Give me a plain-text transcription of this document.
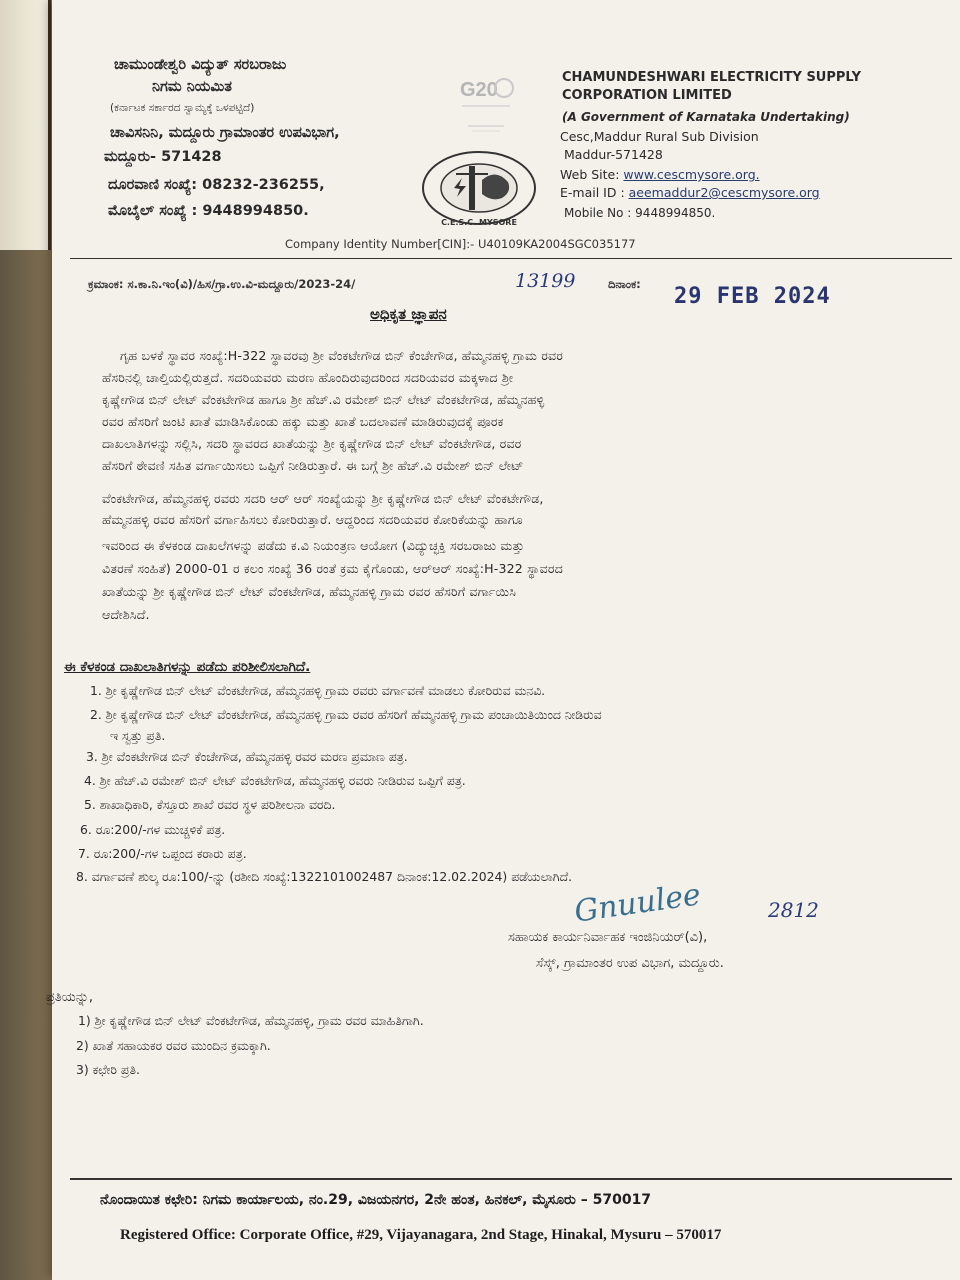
ಚಾಮುಂಡೇಶ್ವರಿ ವಿದ್ಯುತ್ ಸರಬರಾಜು
ನಿಗಮ ನಿಯಮಿತ
(ಕರ್ನಾಟಕ ಸರ್ಕಾರದ ಸ್ವಾಮ್ಯಕ್ಕೆ ಒಳಪಟ್ಟಿದೆ)
ಚಾವಿಸನಿನಿ, ಮದ್ದೂರು ಗ್ರಾಮಾಂತರ ಉಪವಿಭಾಗ,
ಮದ್ದೂರು- 571428
ದೂರವಾಣಿ ಸಂಖ್ಯೆ: 08232-236255,
ಮೊಬೈಲ್ ಸಂಖ್ಯೆ : 9448994850.
G20
C.E.S.C. MYSORE
CHAMUNDESHWARI ELECTRICITY SUPPLY
CORPORATION LIMITED
(A Government of Karnataka Undertaking)
Cesc,Maddur Rural Sub Division
Maddur-571428
Web Site: www.cescmysore.org.
E-mail ID : aeemaddur2@cescmysore.org
Mobile No : 9448994850.
Company Identity Number[CIN]:- U40109KA2004SGC035177
ಕ್ರಮಾಂಕ: ಸ.ಕಾ.ನಿ.ಇಂ(ವಿ)/ಹಿಸ/ಗ್ರಾ.ಉ.ವಿ-ಮದ್ದೂರು/2023-24/	13199	ದಿನಾಂಕ: 29 FEB 2024
ಅಧಿಕೃತ ಜ್ಞಾಪನ
ಗೃಹ ಬಳಕೆ ಸ್ಥಾವರ ಸಂಖ್ಯೆ:H-322 ಸ್ಥಾವರವು ಶ್ರೀ ವೆಂಕಟೇಗೌಡ ಬಿನ್ ಕೆಂಚೇಗೌಡ, ಹೆಮ್ಮನಹಳ್ಳಿ ಗ್ರಾಮ ರವರ
ಹೆಸರಿನಲ್ಲಿ ಚಾಲ್ತಿಯಲ್ಲಿರುತ್ತದೆ. ಸದರಿಯವರು ಮರಣ ಹೊಂದಿರುವುದರಿಂದ ಸದರಿಯವರ ಮಕ್ಕಳಾದ ಶ್ರೀ
ಕೃಷ್ಣೇಗೌಡ ಬಿನ್ ಲೇಟ್ ವೆಂಕಟೇಗೌಡ ಹಾಗೂ ಶ್ರೀ ಹೆಚ್.ವಿ ರಮೇಶ್ ಬಿನ್ ಲೇಟ್ ವೆಂಕಟೇಗೌಡ, ಹೆಮ್ಮನಹಳ್ಳಿ
ರವರ ಹೆಸರಿಗೆ ಜಂಟಿ ಖಾತೆ ಮಾಡಿಸಿಕೊಂಡು ಹಕ್ಕು ಮತ್ತು ಖಾತೆ ಬದಲಾವಣೆ ಮಾಡಿರುವುದಕ್ಕೆ ಪೂರಕ
ದಾಖಲಾತಿಗಳನ್ನು ಸಲ್ಲಿಸಿ, ಸದರಿ ಸ್ಥಾವರದ ಖಾತೆಯನ್ನು ಶ್ರೀ ಕೃಷ್ಣೇಗೌಡ ಬಿನ್ ಲೇಟ್ ವೆಂಕಟೇಗೌಡ, ರವರ
ಹೆಸರಿಗೆ ಠೇವಣಿ ಸಹಿತ ವರ್ಗಾಯಿಸಲು ಒಪ್ಪಿಗೆ ನೀಡಿರುತ್ತಾರೆ. ಈ ಬಗ್ಗೆ ಶ್ರೀ ಹೆಚ್.ವಿ ರಮೇಶ್ ಬಿನ್ ಲೇಟ್
ವೆಂಕಟೇಗೌಡ, ಹೆಮ್ಮನಹಳ್ಳಿ ರವರು ಸದರಿ ಆರ್ ಆರ್ ಸಂಖ್ಯೆಯನ್ನು ಶ್ರೀ ಕೃಷ್ಣೇಗೌಡ ಬಿನ್ ಲೇಟ್ ವೆಂಕಟೇಗೌಡ,
ಹೆಮ್ಮನಹಳ್ಳಿ ರವರ ಹೆಸರಿಗೆ ವರ್ಗಾಹಿಸಲು ಕೋರಿರುತ್ತಾರೆ. ಆದ್ದರಿಂದ ಸದರಿಯವರ ಕೋರಿಕೆಯನ್ನು ಹಾಗೂ
ಇವರಿಂದ ಈ ಕೆಳಕಂಡ ದಾಖಲೆಗಳನ್ನು ಪಡೆದು ಕ.ವಿ ನಿಯಂತ್ರಣ ಆಯೋಗ (ವಿದ್ಯುಚ್ಛಕ್ತಿ ಸರಬರಾಜು ಮತ್ತು
ವಿತರಣೆ ಸಂಹಿತೆ) 2000-01 ರ ಕಲಂ ಸಂಖ್ಯೆ 36 ರಂತೆ ಕ್ರಮ ಕೈಗೊಂಡು, ಆರ್‌ಆರ್ ಸಂಖ್ಯೆ:H-322 ಸ್ಥಾವರದ
ಖಾತೆಯನ್ನು ಶ್ರೀ ಕೃಷ್ಣೇಗೌಡ ಬಿನ್ ಲೇಟ್ ವೆಂಕಟೇಗೌಡ, ಹೆಮ್ಮನಹಳ್ಳಿ ಗ್ರಾಮ ರವರ ಹೆಸರಿಗೆ ವರ್ಗಾಯಿಸಿ
ಆದೇಶಿಸಿದೆ.
ಈ ಕೆಳಕಂಡ ದಾಖಲಾತಿಗಳನ್ನು ಪಡೆದು ಪರಿಶೀಲಿಸಲಾಗಿದೆ.
1. ಶ್ರೀ ಕೃಷ್ಣೇಗೌಡ ಬಿನ್ ಲೇಟ್ ವೆಂಕಟೇಗೌಡ, ಹೆಮ್ಮನಹಳ್ಳಿ ಗ್ರಾಮ ರವರು ವರ್ಗಾವಣೆ ಮಾಡಲು ಕೋರಿರುವ ಮನವಿ.
2. ಶ್ರೀ ಕೃಷ್ಣೇಗೌಡ ಬಿನ್ ಲೇಟ್ ವೆಂಕಟೇಗೌಡ, ಹೆಮ್ಮನಹಳ್ಳಿ ಗ್ರಾಮ ರವರ ಹೆಸರಿಗೆ ಹೆಮ್ಮನಹಳ್ಳಿ ಗ್ರಾಮ ಪಂಚಾಯಿತಿಯಿಂದ ನೀಡಿರುವ
ಇ ಸ್ವತ್ತು ಪ್ರತಿ.
3. ಶ್ರೀ ವೆಂಕಟೇಗೌಡ ಬಿನ್ ಕೆಂಚೇಗೌಡ, ಹೆಮ್ಮನಹಳ್ಳಿ ರವರ ಮರಣ ಪ್ರಮಾಣ ಪತ್ರ.
4. ಶ್ರೀ ಹೆಚ್.ವಿ ರಮೇಶ್ ಬಿನ್ ಲೇಟ್ ವೆಂಕಟೇಗೌಡ, ಹೆಮ್ಮನಹಳ್ಳಿ ರವರು ನೀಡಿರುವ ಒಪ್ಪಿಗೆ ಪತ್ರ.
5. ಶಾಖಾಧಿಕಾರಿ, ಕೆಸ್ತೂರು ಶಾಖೆ ರವರ ಸ್ಥಳ ಪರಿಶೀಲನಾ ವರದಿ.
6. ರೂ:200/-ಗಳ ಮುಚ್ಚಳಿಕೆ ಪತ್ರ.
7. ರೂ:200/-ಗಳ ಒಪ್ಪಂದ ಕರಾರು ಪತ್ರ.
8. ವರ್ಗಾವಣೆ ಶುಲ್ಕ ರೂ:100/-ನ್ನು (ರಶೀದಿ ಸಂಖ್ಯೆ:1322101002487 ದಿನಾಂಕ:12.02.2024) ಪಡೆಯಲಾಗಿದೆ.
Gnuulee	2812
ಸಹಾಯಕ ಕಾರ್ಯನಿರ್ವಾಹಕ ಇಂಜಿನಿಯರ್(ವಿ),
ಸೆಸ್ಕ್, ಗ್ರಾಮಾಂತರ ಉಪ ವಿಭಾಗ, ಮದ್ದೂರು.
ಪ್ರತಿಯನ್ನು,
1) ಶ್ರೀ ಕೃಷ್ಣೇಗೌಡ ಬಿನ್ ಲೇಟ್ ವೆಂಕಟೇಗೌಡ, ಹೆಮ್ಮನಹಳ್ಳಿ, ಗ್ರಾಮ ರವರ ಮಾಹಿತಿಗಾಗಿ.
2) ಖಾತೆ ಸಹಾಯಕರ ರವರ ಮುಂದಿನ ಕ್ರಮಕ್ಕಾಗಿ.
3) ಕಛೇರಿ ಪ್ರತಿ.
ನೊಂದಾಯಿತ ಕಛೇರಿ: ನಿಗಮ ಕಾರ್ಯಾಲಯ, ನಂ.29, ವಿಜಯನಗರ, 2ನೇ ಹಂತ, ಹಿನಕಲ್, ಮೈಸೂರು – 570017
Registered Office: Corporate Office, #29, Vijayanagara, 2nd Stage, Hinakal, Mysuru – 570017
